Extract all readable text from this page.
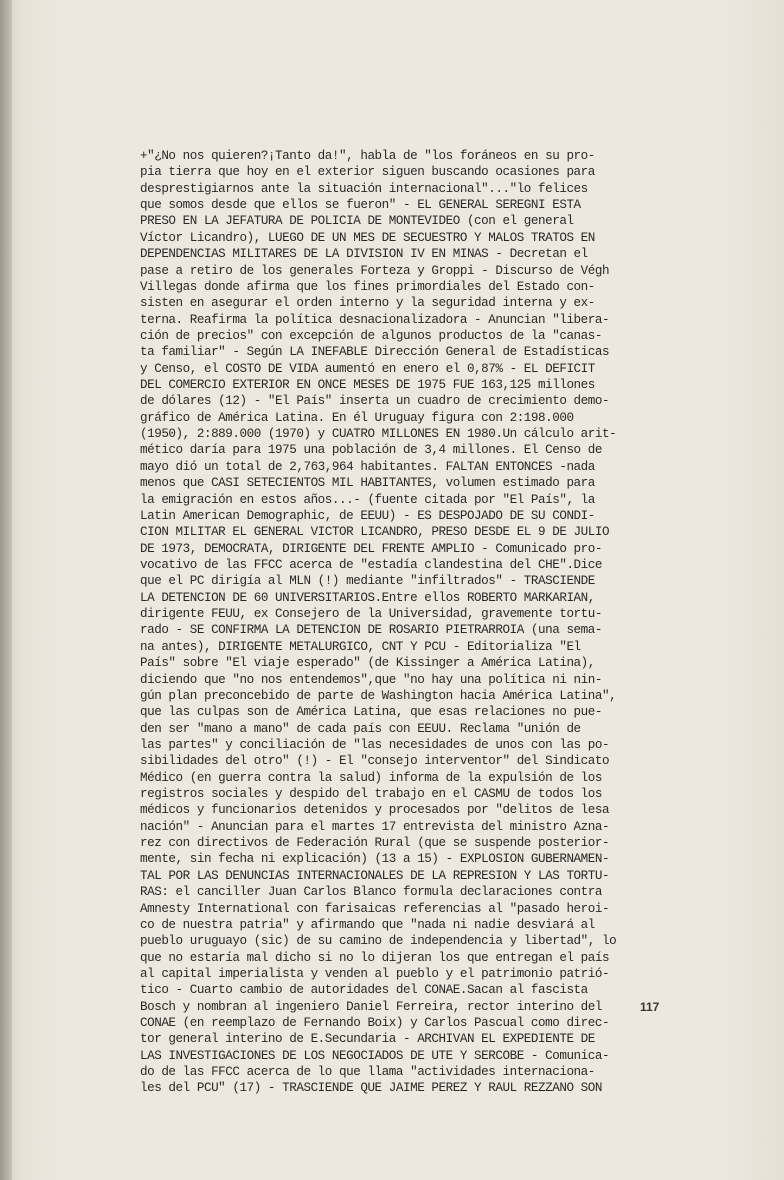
+"¿No nos quieren?¡Tanto da!", habla de "los foráneos en su pro-
pia tierra que hoy en el exterior siguen buscando ocasiones para
desprestigiarnos ante la situación internacional"..."lo felices
que somos desde que ellos se fueron" - EL GENERAL SEREGNI ESTA
PRESO EN LA JEFATURA DE POLICIA DE MONTEVIDEO (con el general
Víctor Licandro), LUEGO DE UN MES DE SECUESTRO Y MALOS TRATOS EN
DEPENDENCIAS MILITARES DE LA DIVISION IV EN MINAS - Decretan el
pase a retiro de los generales Forteza y Groppi - Discurso de Végh
Villegas donde afirma que los fines primordiales del Estado con-
sisten en asegurar el orden interno y la seguridad interna y ex-
terna. Reafirma la política desnacionalizadora - Anuncian "libera-
ción de precios" con excepción de algunos productos de la "canas-
ta familiar" - Según LA INEFABLE Dirección General de Estadísticas
y Censo, el COSTO DE VIDA aumentó en enero el 0,87% - EL DEFICIT
DEL COMERCIO EXTERIOR EN ONCE MESES DE 1975 FUE 163,125 millones
de dólares (12) - "El País" inserta un cuadro de crecimiento demo-
gráfico de América Latina. En él Uruguay figura con 2:198.000
(1950), 2:889.000 (1970) y CUATRO MILLONES EN 1980.Un cálculo arit-
mético daría para 1975 una población de 3,4 millones. El Censo de
mayo dió un total de 2,763,964 habitantes. FALTAN ENTONCES -nada
menos que CASI SETECIENTOS MIL HABITANTES, volumen estimado para
la emigración en estos años...- (fuente citada por "El País", la
Latin American Demographic, de EEUU) - ES DESPOJADO DE SU CONDI-
CION MILITAR EL GENERAL VICTOR LICANDRO, PRESO DESDE EL 9 DE JULIO
DE 1973, DEMOCRATA, DIRIGENTE DEL FRENTE AMPLIO - Comunicado pro-
vocativo de las FFCC acerca de "estadía clandestina del CHE".Dice
que el PC dirigía al MLN (!) mediante "infiltrados" - TRASCIENDE
LA DETENCION DE 60 UNIVERSITARIOS.Entre ellos ROBERTO MARKARIAN,
dirigente FEUU, ex Consejero de la Universidad, gravemente tortu-
rado - SE CONFIRMA LA DETENCION DE ROSARIO PIETRARROIA (una sema-
na antes), DIRIGENTE METALURGICO, CNT Y PCU - Editorializa "El
País" sobre "El viaje esperado" (de Kissinger a América Latina),
diciendo que "no nos entendemos",que "no hay una política ni nin-
gún plan preconcebido de parte de Washington hacia América Latina",
que las culpas son de América Latina, que esas relaciones no pue-
den ser "mano a mano" de cada país con EEUU. Reclama "unión de
las partes" y conciliación de "las necesidades de unos con las po-
sibilidades del otro" (!) - El "consejo interventor" del Sindicato
Médico (en guerra contra la salud) informa de la expulsión de los
registros sociales y despido del trabajo en el CASMU de todos los
médicos y funcionarios detenidos y procesados por "delitos de lesa
nación" - Anuncian para el martes 17 entrevista del ministro Azna-
rez con directivos de Federación Rural (que se suspende posterior-
mente, sin fecha ni explicación) (13 a 15) - EXPLOSION GUBERNAMEN-
TAL POR LAS DENUNCIAS INTERNACIONALES DE LA REPRESION Y LAS TORTU-
RAS: el canciller Juan Carlos Blanco formula declaraciones contra
Amnesty International con farisaicas referencias al "pasado heroi-
co de nuestra patria" y afirmando que "nada ni nadie desviará al
pueblo uruguayo (sic) de su camino de independencia y libertad", lo
que no estaría mal dicho si no lo dijeran los que entregan el país
al capital imperialista y venden al pueblo y el patrimonio patrió-
tico - Cuarto cambio de autoridades del CONAE.Sacan al fascista
Bosch y nombran al ingeniero Daniel Ferreira, rector interino del
CONAE (en reemplazo de Fernando Boix) y Carlos Pascual como direc-
tor general interino de E.Secundaria - ARCHIVAN EL EXPEDIENTE DE
LAS INVESTIGACIONES DE LOS NEGOCIADOS DE UTE Y SERCOBE - Comunica-
do de las FFCC acerca de lo que llama "actividades internaciona-
les del PCU" (17) - TRASCIENDE QUE JAIME PEREZ Y RAUL REZZANO SON
117
